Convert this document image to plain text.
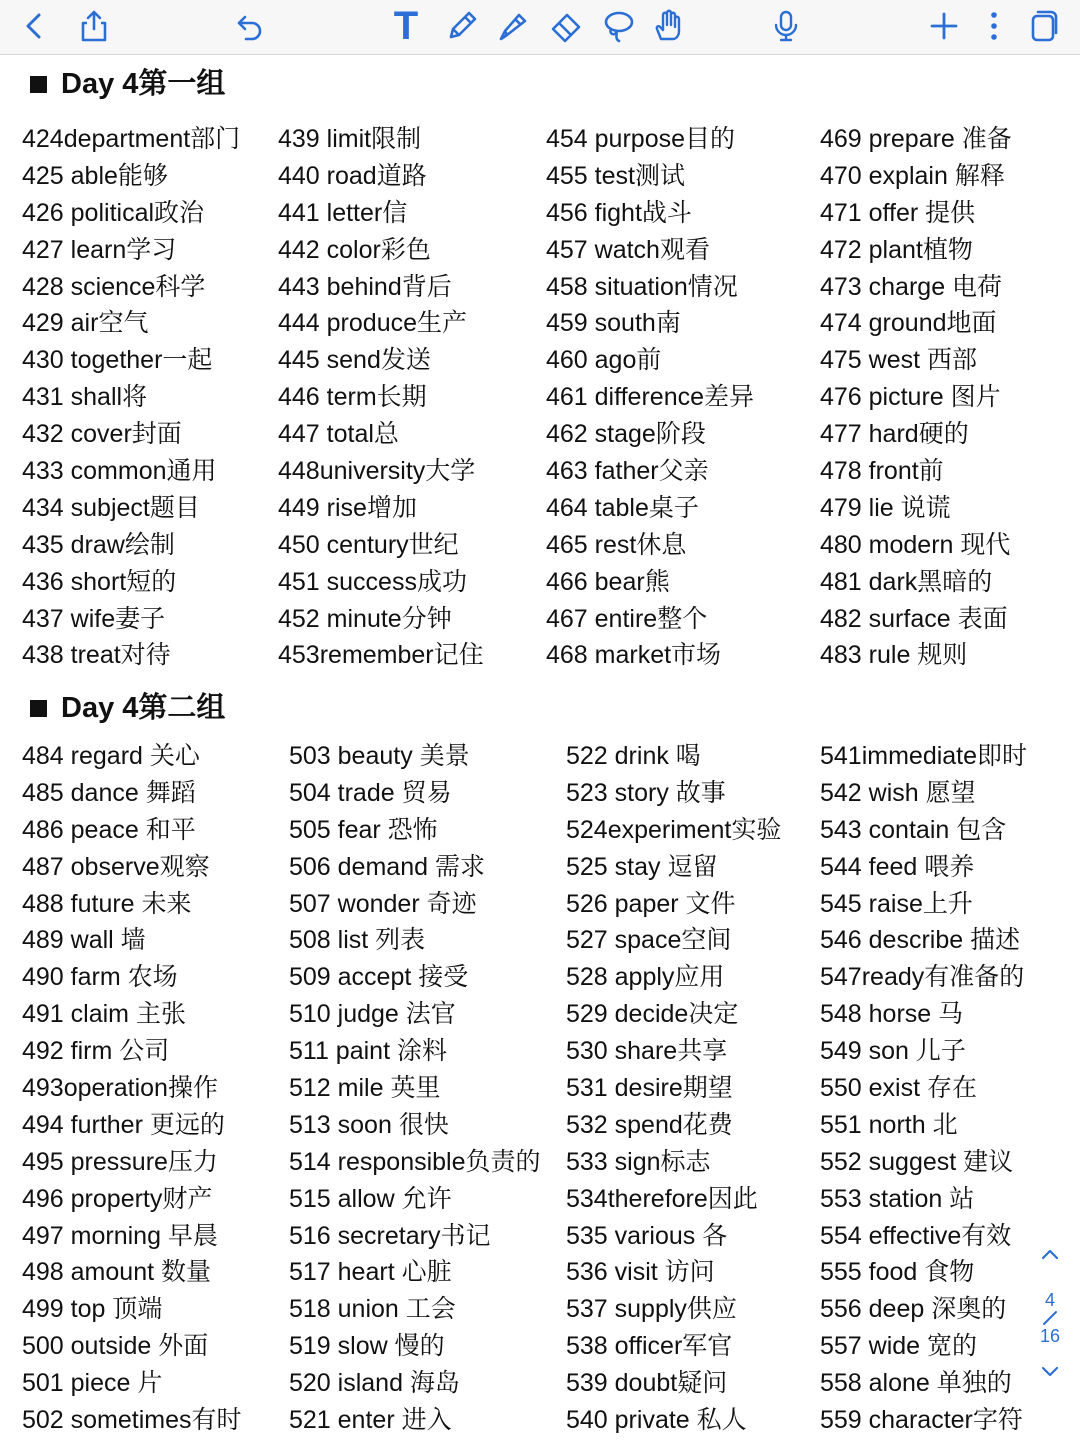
T
Day 4第一组
424department部门
425 able能够
426 political政治
427 learn学习
428 science科学
429 air空气
430 together一起
431 shall将
432 cover封面
433 common通用
434 subject题目
435 draw绘制
436 short短的
437 wife妻子
438 treat对待
439 limit限制
440 road道路
441 letter信
442 color彩色
443 behind背后
444 produce生产
445 send发送
446 term长期
447 total总
448university大学
449 rise增加
450 century世纪
451 success成功
452 minute分钟
453remember记住
454 purpose目的
455 test测试
456 fight战斗
457 watch观看
458 situation情况
459 south南
460 ago前
461 difference差异
462 stage阶段
463 father父亲
464 table桌子
465 rest休息
466 bear熊
467 entire整个
468 market市场
469 prepare 准备
470 explain 解释
471 offer 提供
472 plant植物
473 charge 电荷
474 ground地面
475 west 西部
476 picture 图片
477 hard硬的
478 front前
479 lie 说谎
480 modern 现代
481 dark黑暗的
482 surface 表面
483 rule 规则
Day 4第二组
484 regard 关心
485 dance 舞蹈
486 peace 和平
487 observe观察
488 future 未来
489 wall 墙
490 farm 农场
491 claim 主张
492 firm 公司
493operation操作
494 further 更远的
495 pressure压力
496 property财产
497 morning 早晨
498 amount 数量
499 top 顶端
500 outside 外面
501 piece 片
502 sometimes有时
503 beauty 美景
504 trade 贸易
505 fear 恐怖
506 demand 需求
507 wonder 奇迹
508 list 列表
509 accept 接受
510 judge 法官
511 paint 涂料
512 mile 英里
513 soon 很快
514 responsible负责的
515 allow 允许
516 secretary书记
517 heart 心脏
518 union 工会
519 slow 慢的
520 island 海岛
521 enter 进入
522 drink 喝
523 story 故事
524experiment实验
525 stay 逗留
526 paper 文件
527 space空间
528 apply应用
529 decide决定
530 share共享
531 desire期望
532 spend花费
533 sign标志
534therefore因此
535 various 各
536 visit 访问
537 supply供应
538 officer军官
539 doubt疑问
540 private 私人
541immediate即时
542 wish 愿望
543 contain 包含
544 feed 喂养
545 raise上升
546 describe 描述
547ready有准备的
548 horse 马
549 son 儿子
550 exist 存在
551 north 北
552 suggest 建议
553 station 站
554 effective有效
555 food 食物
556 deep 深奥的
557 wide 宽的
558 alone 单独的
559 character字符
4
16
